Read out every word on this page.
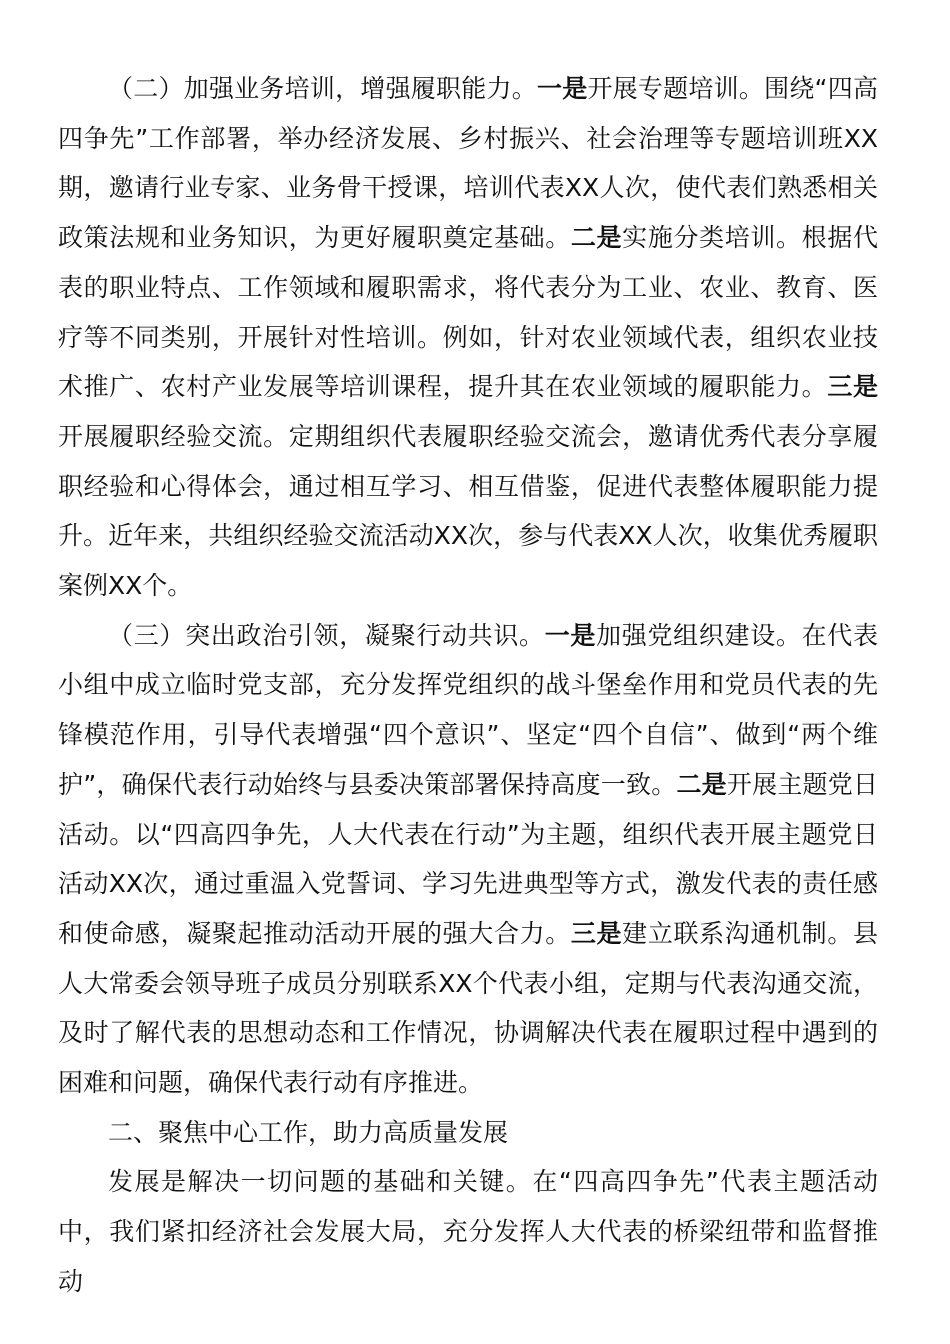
（二）加强业务培训，增强履职能力。一是开展专题培训。围绕“四高四争先”工作部署，举办经济发展、乡村振兴、社会治理等专题培训班XX期，邀请行业专家、业务骨干授课，培训代表XX人次，使代表们熟悉相关政策法规和业务知识，为更好履职奠定基础。二是实施分类培训。根据代表的职业特点、工作领域和履职需求，将代表分为工业、农业、教育、医疗等不同类别，开展针对性培训。例如，针对农业领域代表，组织农业技术推广、农村产业发展等培训课程，提升其在农业领域的履职能力。三是开展履职经验交流。定期组织代表履职经验交流会，邀请优秀代表分享履职经验和心得体会，通过相互学习、相互借鉴，促进代表整体履职能力提升。近年来，共组织经验交流活动XX次，参与代表XX人次，收集优秀履职案例XX个。

（三）突出政治引领，凝聚行动共识。一是加强党组织建设。在代表小组中成立临时党支部，充分发挥党组织的战斗堡垒作用和党员代表的先锋模范作用，引导代表增强“四个意识”、坚定“四个自信”、做到“两个维护”，确保代表行动始终与县委决策部署保持高度一致。二是开展主题党日活动。以“四高四争先，人大代表在行动”为主题，组织代表开展主题党日活动XX次，通过重温入党誓词、学习先进典型等方式，激发代表的责任感和使命感，凝聚起推动活动开展的强大合力。三是建立联系沟通机制。县人大常委会领导班子成员分别联系XX个代表小组，定期与代表沟通交流，及时了解代表的思想动态和工作情况，协调解决代表在履职过程中遇到的困难和问题，确保代表行动有序推进。

二、聚焦中心工作，助力高质量发展

发展是解决一切问题的基础和关键。在“四高四争先”代表主题活动中，我们紧扣经济社会发展大局，充分发挥人大代表的桥梁纽带和监督推动
